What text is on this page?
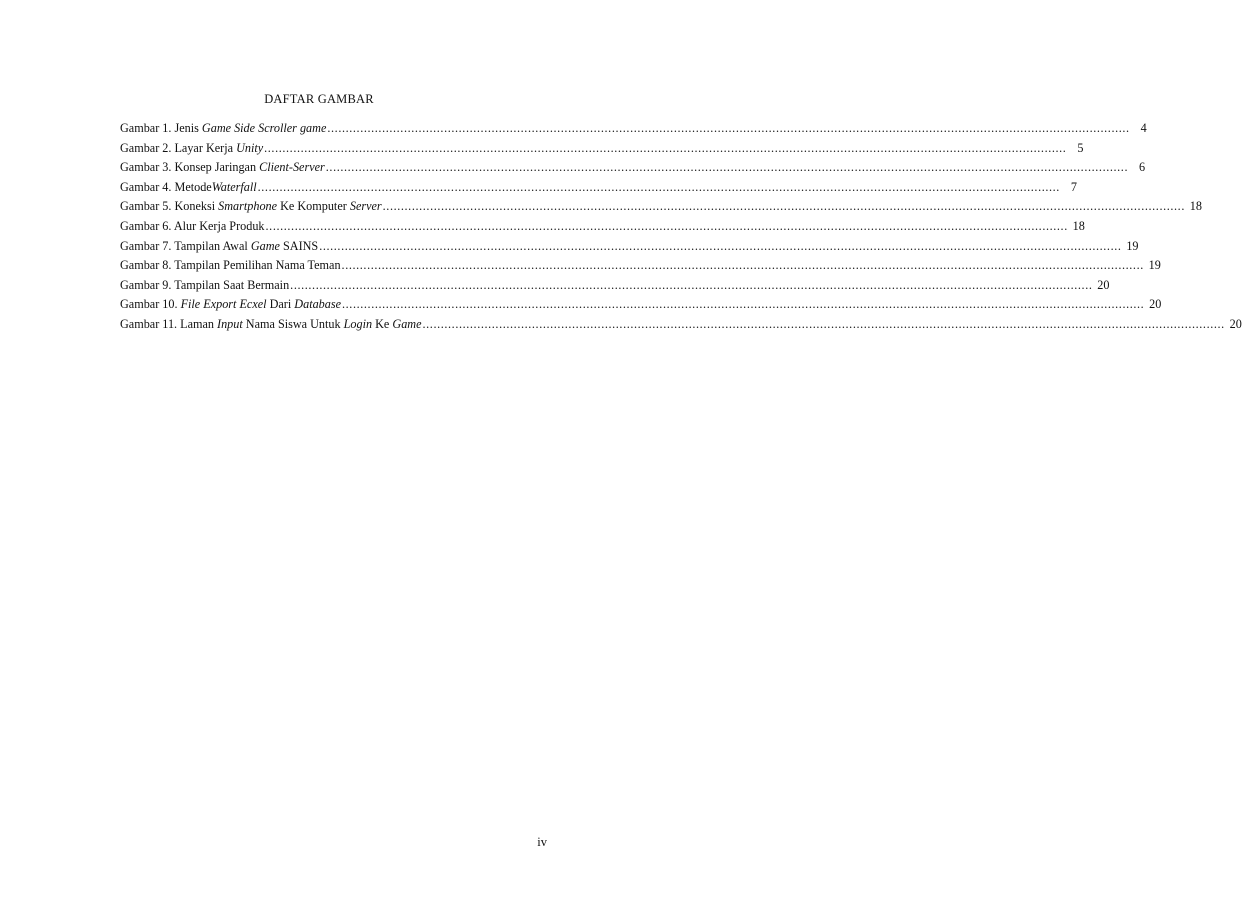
DAFTAR GAMBAR
Gambar 1. Jenis Game Side Scroller game ............................................................................................................................................................................................................................ 4
Gambar 2. Layar Kerja Unity ............................................................................................................................................................................................................................ 5
Gambar 3. Konsep Jaringan Client-Server ............................................................................................................................................................................................................................ 6
Gambar 4. MetodeWaterfall ............................................................................................................................................................................................................................ 7
Gambar 5. Koneksi Smartphone Ke Komputer Server ............................................................................................................................................................................................................................ 18
Gambar 6. Alur Kerja Produk ............................................................................................................................................................................................................................ 18
Gambar 7. Tampilan Awal Game SAINS ............................................................................................................................................................................................................................ 19
Gambar 8. Tampilan Pemilihan Nama Teman ............................................................................................................................................................................................................................ 19
Gambar 9. Tampilan Saat Bermain ............................................................................................................................................................................................................................ 20
Gambar 10. File Export Ecxel Dari Database ............................................................................................................................................................................................................................ 20
Gambar 11. Laman Input Nama Siswa Untuk Login Ke Game ............................................................................................................................................................................................................................ 20
iv
